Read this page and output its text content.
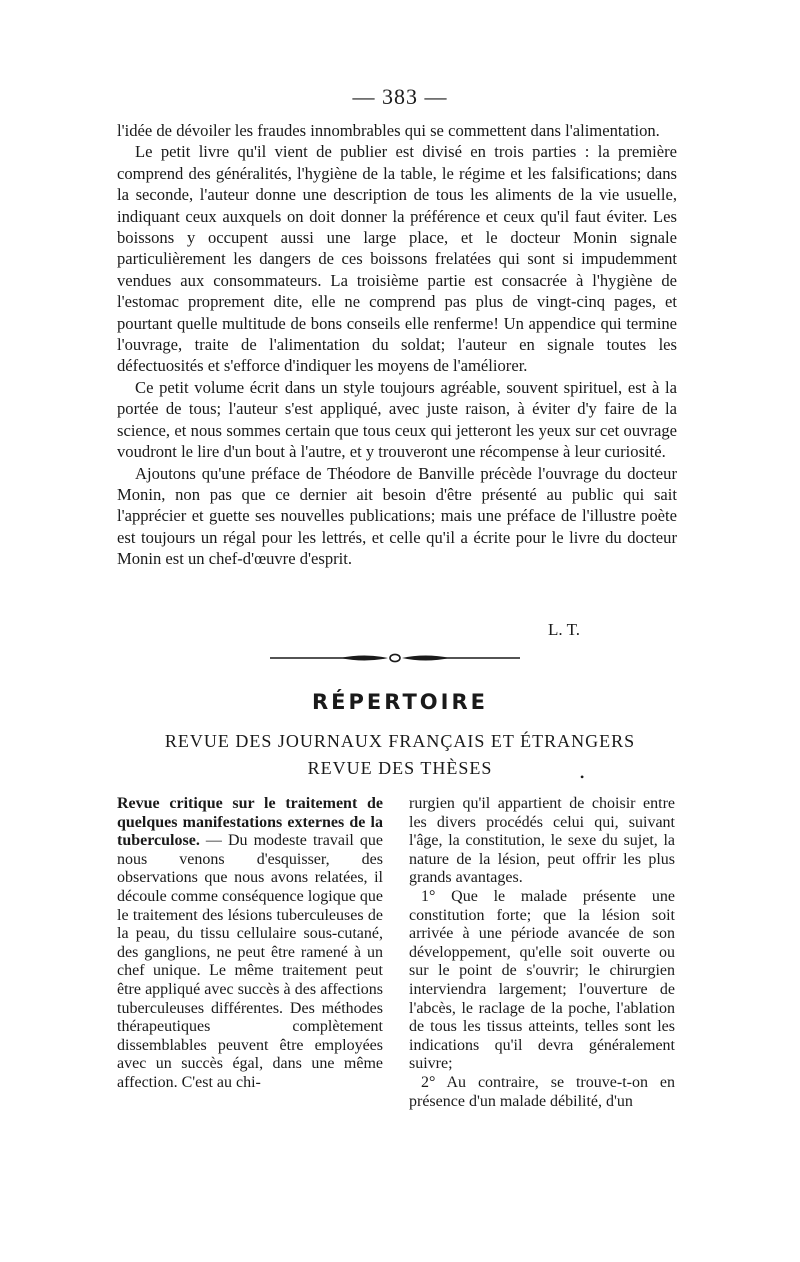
— 383 —

l'idée de dévoiler les fraudes innombrables qui se commettent dans l'alimentation.

Le petit livre qu'il vient de publier est divisé en trois parties : la première comprend des généralités, l'hygiène de la table, le régime et les falsifications; dans la seconde, l'auteur donne une description de tous les aliments de la vie usuelle, indiquant ceux auxquels on doit donner la préférence et ceux qu'il faut éviter. Les boissons y occupent aussi une large place, et le docteur Monin signale particulièrement les dangers de ces boissons frelatées qui sont si impudemment vendues aux consommateurs. La troisième partie est consacrée à l'hygiène de l'estomac proprement dite, elle ne comprend pas plus de vingt-cinq pages, et pourtant quelle multitude de bons conseils elle renferme! Un appendice qui termine l'ouvrage, traite de l'alimentation du soldat; l'auteur en signale toutes les défectuosités et s'efforce d'indiquer les moyens de l'améliorer.

Ce petit volume écrit dans un style toujours agréable, souvent spirituel, est à la portée de tous; l'auteur s'est appliqué, avec juste raison, à éviter d'y faire de la science, et nous sommes certain que tous ceux qui jetteront les yeux sur cet ouvrage voudront le lire d'un bout à l'autre, et y trouveront une récompense à leur curiosité.

Ajoutons qu'une préface de Théodore de Banville précède l'ouvrage du docteur Monin, non pas que ce dernier ait besoin d'être présenté au public qui sait l'apprécier et guette ses nouvelles publications; mais une préface de l'illustre poète est toujours un régal pour les lettrés, et celle qu'il a écrite pour le livre du docteur Monin est un chef-d'œuvre d'esprit.

L. T.
RÉPERTOIRE
REVUE DES JOURNAUX FRANÇAIS ET ÉTRANGERS
REVUE DES THÈSES	•

Revue critique sur le traitement de quelques manifestations externes de la tuberculose. — Du modeste travail que nous venons d'esquisser, des observations que nous avons relatées, il découle comme conséquence logique que le traitement des lésions tuberculeuses de la peau, du tissu cellulaire sous-cutané, des ganglions, ne peut être ramené à un chef unique. Le même traitement peut être appliqué avec succès à des affections tuberculeuses différentes. Des méthodes thérapeutiques complètement dissemblables peuvent être employées avec un succès égal, dans une même affection. C'est au chi-

rurgien qu'il appartient de choisir entre les divers procédés celui qui, suivant l'âge, la constitution, le sexe du sujet, la nature de la lésion, peut offrir les plus grands avantages.

1° Que le malade présente une constitution forte; que la lésion soit arrivée à une période avancée de son développement, qu'elle soit ouverte ou sur le point de s'ouvrir; le chirurgien interviendra largement; l'ouverture de l'abcès, le raclage de la poche, l'ablation de tous les tissus atteints, telles sont les indications qu'il devra généralement suivre;

2° Au contraire, se trouve-t-on en présence d'un malade débilité, d'un
